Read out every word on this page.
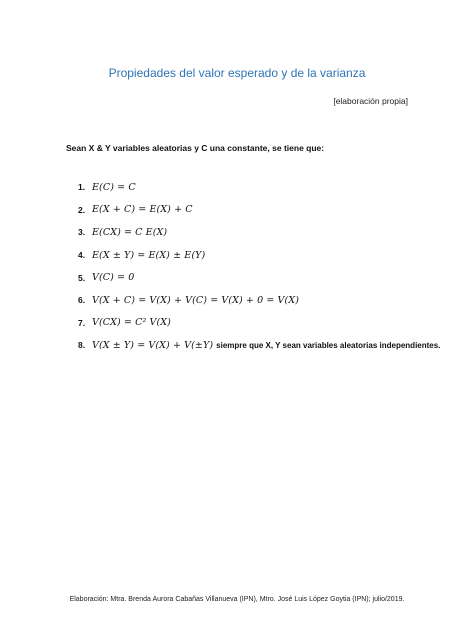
Propiedades del valor esperado y de la varianza
[elaboración propia]
Sean X & Y variables aleatorias y C una constante, se tiene que:
1. E(C) = C
2. E(X + C) = E(X) + C
3. E(CX) = C E(X)
4. E(X ± Y) = E(X) ± E(Y)
5. V(C) = 0
6. V(X + C) = V(X) + V(C) = V(X) + 0 = V(X)
7. V(CX) = C² V(X)
8. V(X ± Y) = V(X) + V(±Y) siempre que X, Y sean variables aleatorias independientes.
Elaboración: Mtra. Brenda Aurora Cabañas Villanueva (IPN), Mtro. José Luis López Goytia (IPN); julio/2019.
